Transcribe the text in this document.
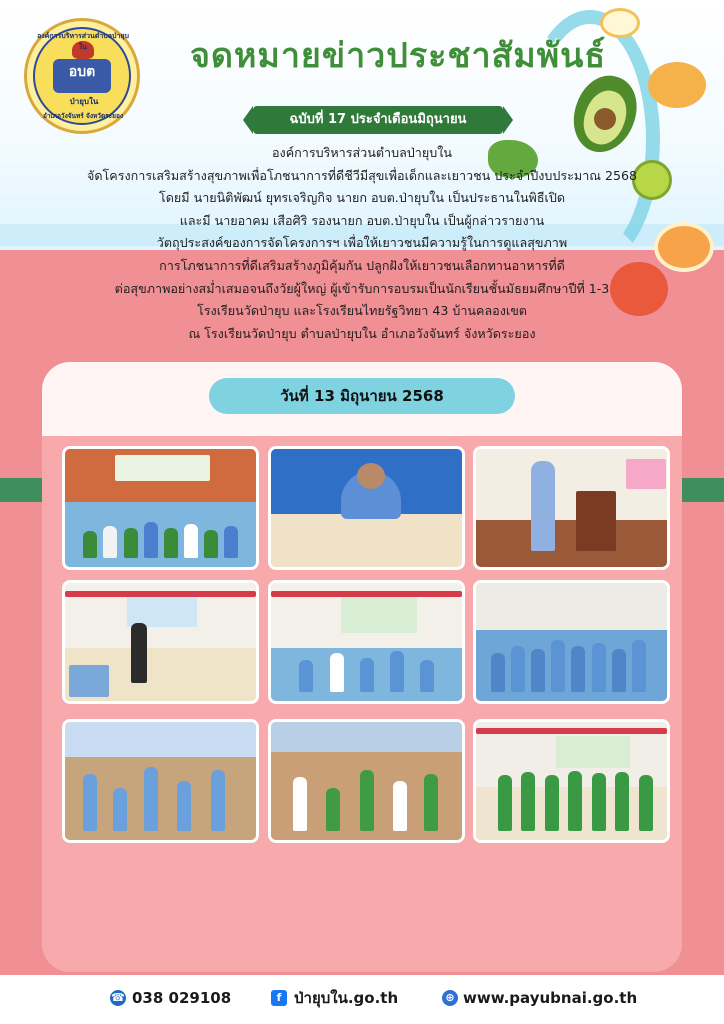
องค์การบริหารส่วนตำบลป่ายุบใน
อบต
ป่ายุบใน
อำเภอวังจันทร์ จังหวัดระยอง
จดหมายข่าวประชาสัมพันธ์
ฉบับที่ 17 ประจำเดือนมิถุนายน

องค์การบริหารส่วนตำบลป่ายุบใน

จัดโครงการเสริมสร้างสุขภาพเพื่อโภชนาการที่ดีชีวีมีสุขเพื่อเด็กและเยาวชน ประจำปีงบประมาณ 2568

โดยมี นายนิติพัฒน์ ยุทรเจริญกิจ นายก อบต.ป่ายุบใน เป็นประธานในพิธีเปิด

และมี นายอาคม เสือศิริ รองนายก อบต.ป่ายุบใน เป็นผู้กล่าวรายงาน

วัตถุประสงค์ของการจัดโครงการฯ เพื่อให้เยาวชนมีความรู้ในการดูแลสุขภาพ

การโภชนาการที่ดีเสริมสร้างภูมิคุ้มกัน ปลูกฝังให้เยาวชนเลือกทานอาหารที่ดี

ต่อสุขภาพอย่างสม่ำเสมอจนถึงวัยผู้ใหญ่ ผู้เข้ารับการอบรมเป็นนักเรียนชั้นมัธยมศึกษาปีที่ 1-3

โรงเรียนวัดป่ายุบ และโรงเรียนไทยรัฐวิทยา 43 บ้านคลองเขต

ณ โรงเรียนวัดป่ายุบ ตำบลป่ายุบใน อำเภอวังจันทร์ จังหวัดระยอง

วันที่ 13 มิถุนายน 2568
☎ 038 029108	f ป่ายุบใน.go.th	⊕ www.payubnai.go.th
